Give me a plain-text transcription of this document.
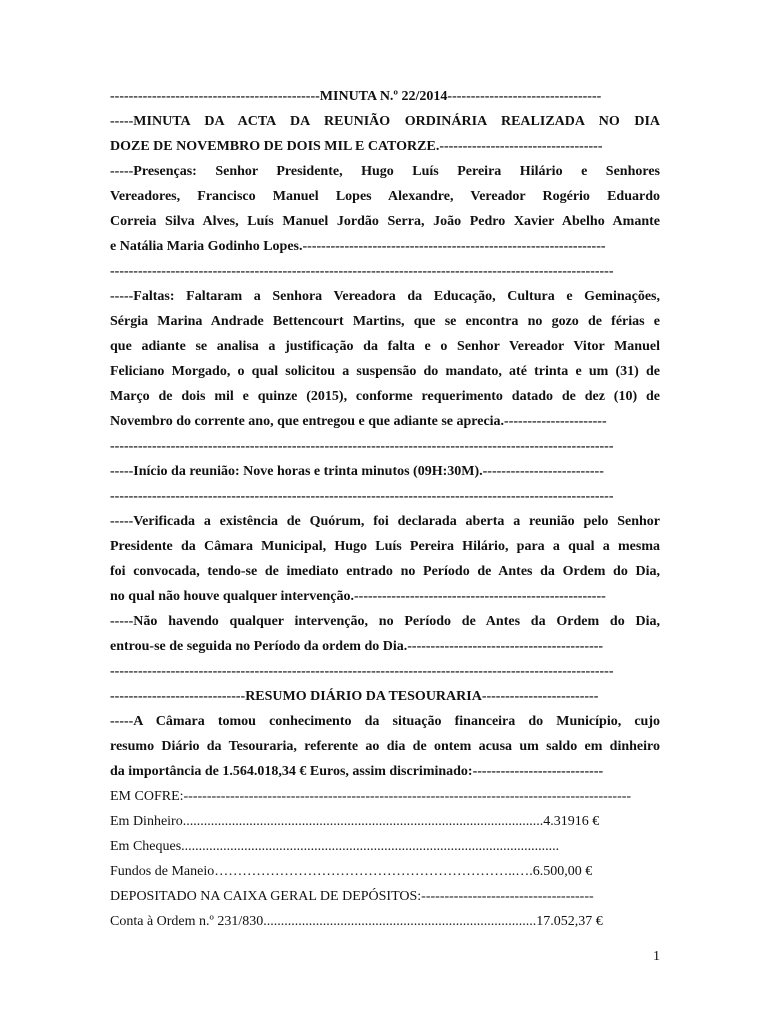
---------------------------------------------MINUTA N.º 22/2014---------------------------------
-----MINUTA DA ACTA DA REUNIÃO ORDINÁRIA REALIZADA NO DIA
DOZE DE NOVEMBRO DE DOIS MIL E CATORZE.-----------------------------------
-----Presenças: Senhor Presidente, Hugo Luís Pereira Hilário e Senhores
Vereadores, Francisco Manuel Lopes Alexandre, Vereador Rogério Eduardo
Correia Silva Alves, Luís Manuel Jordão Serra, João Pedro Xavier Abelho Amante
e Natália Maria Godinho Lopes.-----------------------------------------------------------------
------------------------------------------------------------------------------------------------------------
-----Faltas: Faltaram a Senhora Vereadora da Educação, Cultura e Geminações,
Sérgia Marina Andrade Bettencourt Martins, que se encontra no gozo de férias e
que adiante se analisa a justificação da falta e o Senhor Vereador Vitor Manuel
Feliciano Morgado, o qual solicitou a suspensão do mandato, até trinta e um (31) de
Março de dois mil e quinze (2015), conforme requerimento datado de dez (10) de
Novembro do corrente ano, que entregou e que adiante se aprecia.----------------------
------------------------------------------------------------------------------------------------------------
-----Início da reunião: Nove horas e trinta minutos (09H:30M).--------------------------
------------------------------------------------------------------------------------------------------------
-----Verificada a existência de Quórum, foi declarada aberta a reunião pelo Senhor
Presidente da Câmara Municipal, Hugo Luís Pereira Hilário, para a qual a mesma
foi convocada, tendo-se de imediato entrado no Período de Antes da Ordem do Dia,
no qual não houve qualquer intervenção.------------------------------------------------------
-----Não havendo qualquer intervenção, no Período de Antes da Ordem do Dia,
entrou-se de seguida no Período da ordem do Dia.------------------------------------------
------------------------------------------------------------------------------------------------------------
-----------------------------RESUMO DIÁRIO DA TESOURARIA-------------------------
-----A Câmara tomou conhecimento da situação financeira do Município, cujo
resumo Diário da Tesouraria, referente ao dia de ontem acusa um saldo em dinheiro
da importância de 1.564.018,34 € Euros, assim discriminado:----------------------------
EM COFRE:------------------------------------------------------------------------------------------------
Em Dinheiro.......................................................................................................4.31916 €
Em Cheques............................................................................................................
Fundos de Maneio………………………………………………………..….6.500,00 €
DEPOSITADO NA CAIXA GERAL DE DEPÓSITOS:-------------------------------------
Conta à Ordem n.º 231/830..............................................................................17.052,37 €
1
